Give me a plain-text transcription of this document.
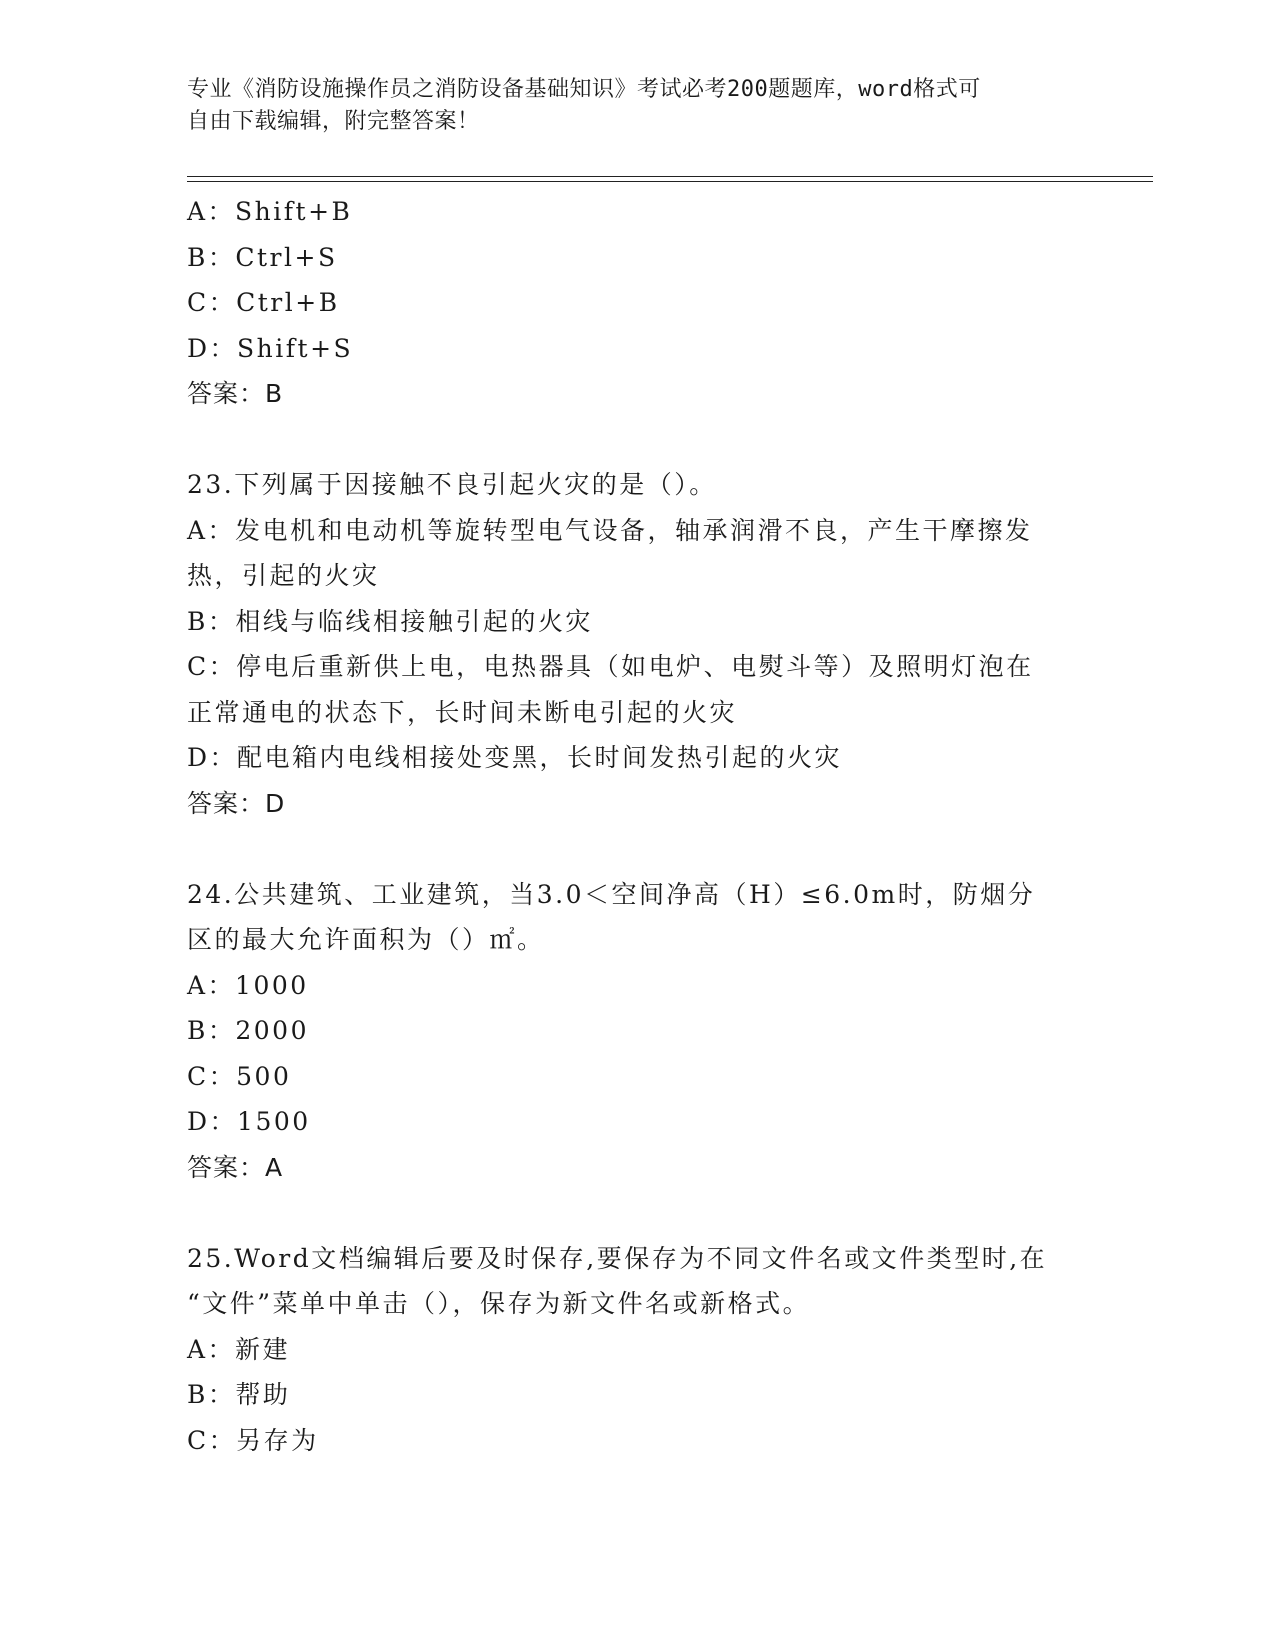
专业《消防设施操作员之消防设备基础知识》考试必考200题题库，word格式可
自由下载编辑，附完整答案！
A：Shift+B
B：Ctrl+S
C：Ctrl+B
D：Shift+S
答案：B
23.下列属于因接触不良引起火灾的是（）。
A：发电机和电动机等旋转型电气设备，轴承润滑不良，产生干摩擦发
热，引起的火灾
B：相线与临线相接触引起的火灾
C：停电后重新供上电，电热器具（如电炉、电熨斗等）及照明灯泡在
正常通电的状态下，长时间未断电引起的火灾
D：配电箱内电线相接处变黑，长时间发热引起的火灾
答案：D
24.公共建筑、工业建筑，当3.0＜空间净高（H）≤6.0m时，防烟分
区的最大允许面积为（）㎡。
A：1000
B：2000
C：500
D：1500
答案：A
25.Word文档编辑后要及时保存,要保存为不同文件名或文件类型时,在
“文件”菜单中单击（），保存为新文件名或新格式。
A：新建
B：帮助
C：另存为
